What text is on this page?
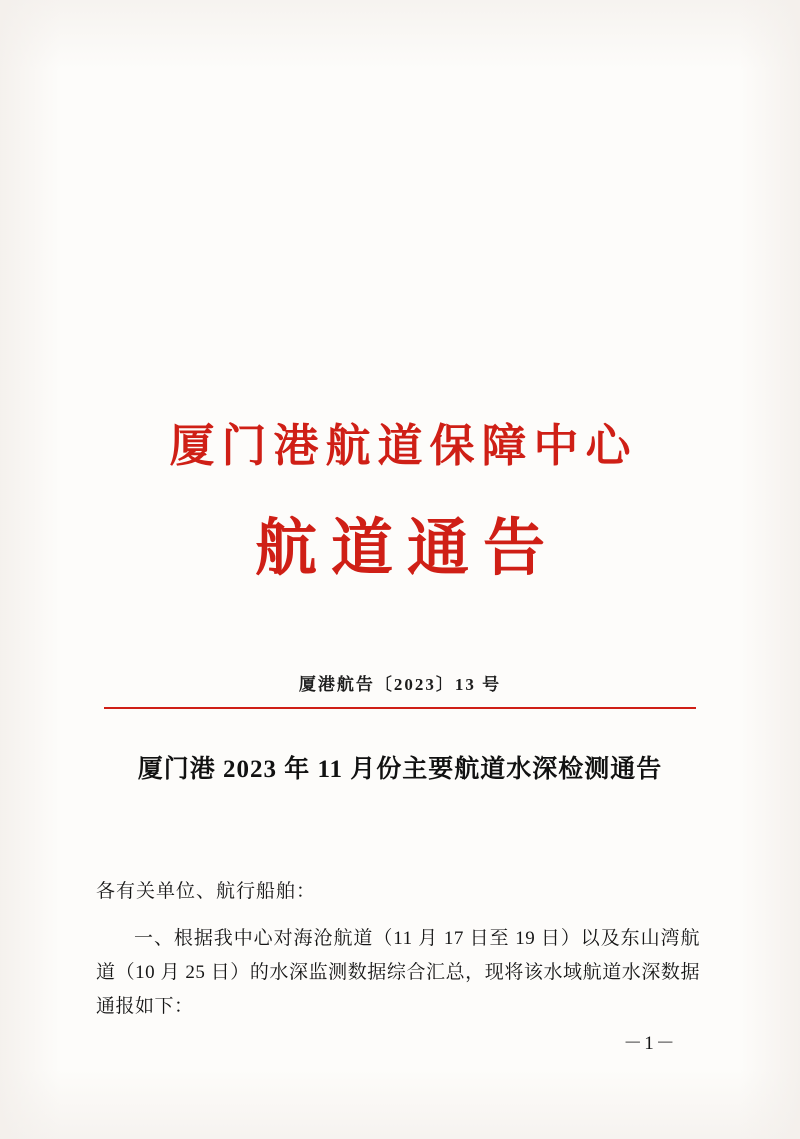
厦门港航道保障中心
航道通告
厦港航告〔2023〕13 号
厦门港 2023 年 11 月份主要航道水深检测通告
各有关单位、航行船舶：
一、根据我中心对海沧航道（11 月 17 日至 19 日）以及东山湾航道（10 月 25 日）的水深监测数据综合汇总，现将该水域航道水深数据通报如下：
－1－
